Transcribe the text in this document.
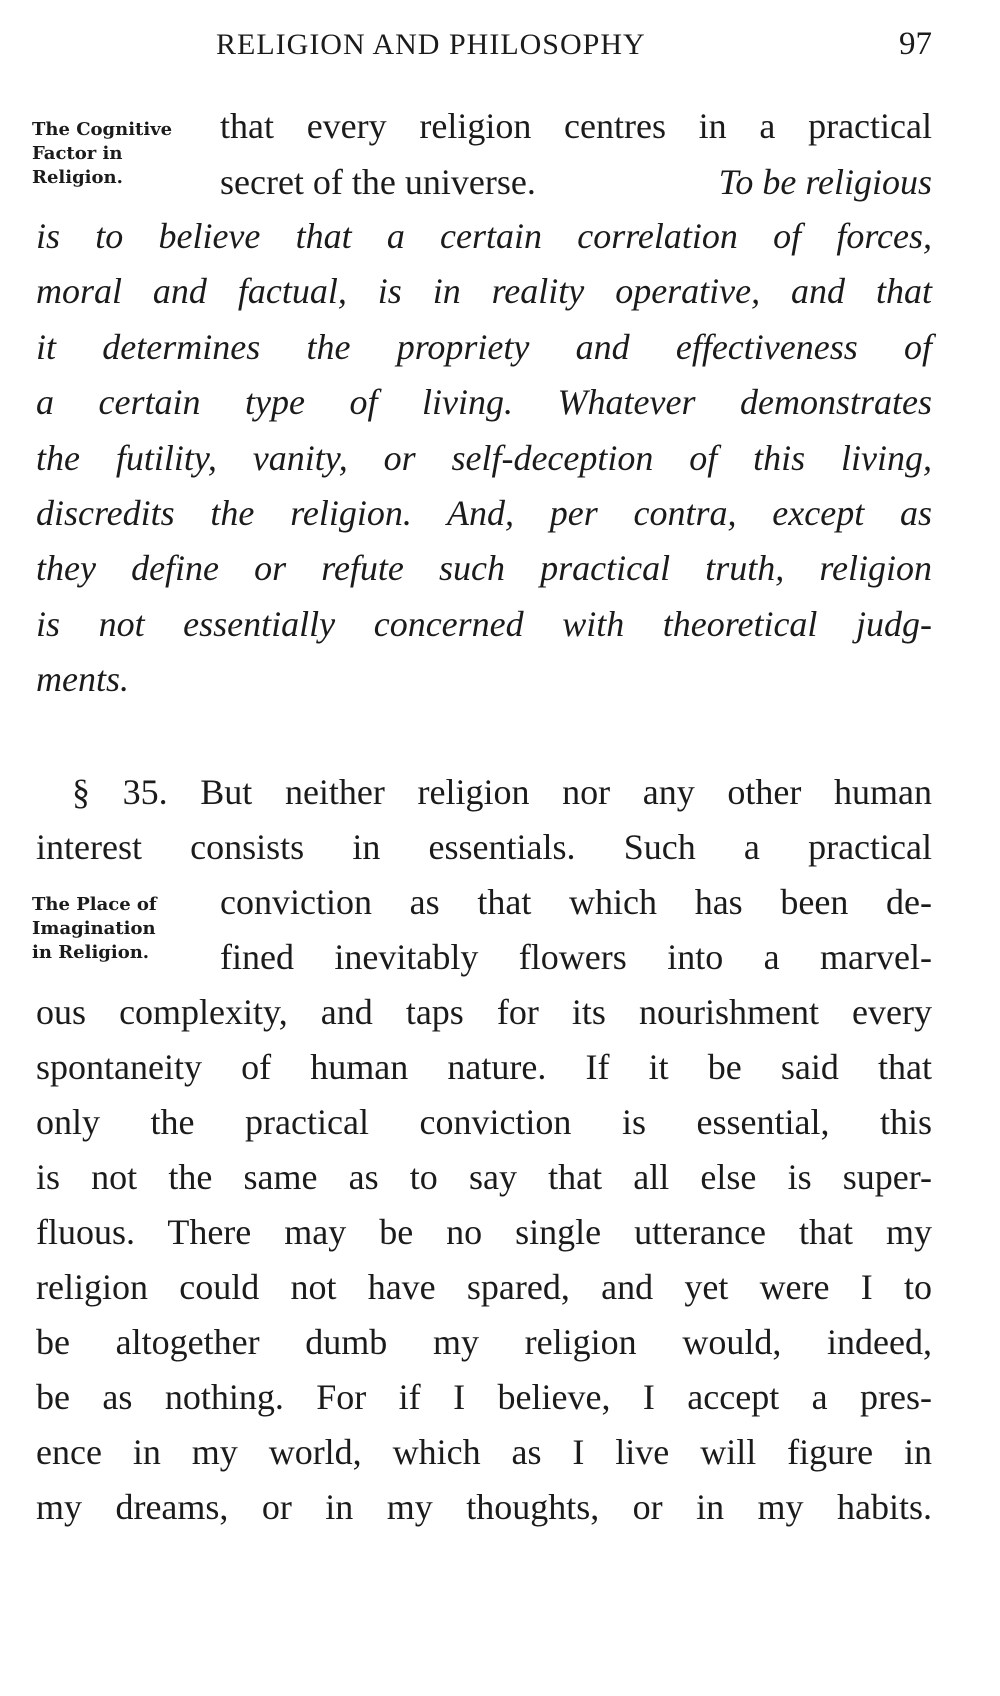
RELIGION AND PHILOSOPHY	97
The Cognitive
Factor in
Religion.
that every religion centres in a practical
secret of the universe.	To be religious
is to believe that a certain correlation of forces,
moral and factual, is in reality operative, and that
it determines the propriety and effectiveness of
a certain type of living. Whatever demonstrates
the futility, vanity, or self-deception of this living,
discredits the religion. And, per contra, except as
they define or refute such practical truth, religion
is not essentially concerned with theoretical judg-
ments.
The Place of
Imagination
in Religion.
§ 35. But neither religion nor any other human
interest consists in essentials. Such a practical
conviction as that which has been de-
fined inevitably flowers into a marvel-
ous complexity, and taps for its nourishment every
spontaneity of human nature. If it be said that
only the practical conviction is essential, this
is not the same as to say that all else is super-
fluous. There may be no single utterance that my
religion could not have spared, and yet were I to
be altogether dumb my religion would, indeed,
be as nothing. For if I believe, I accept a pres-
ence in my world, which as I live will figure in
my dreams, or in my thoughts, or in my habits.
